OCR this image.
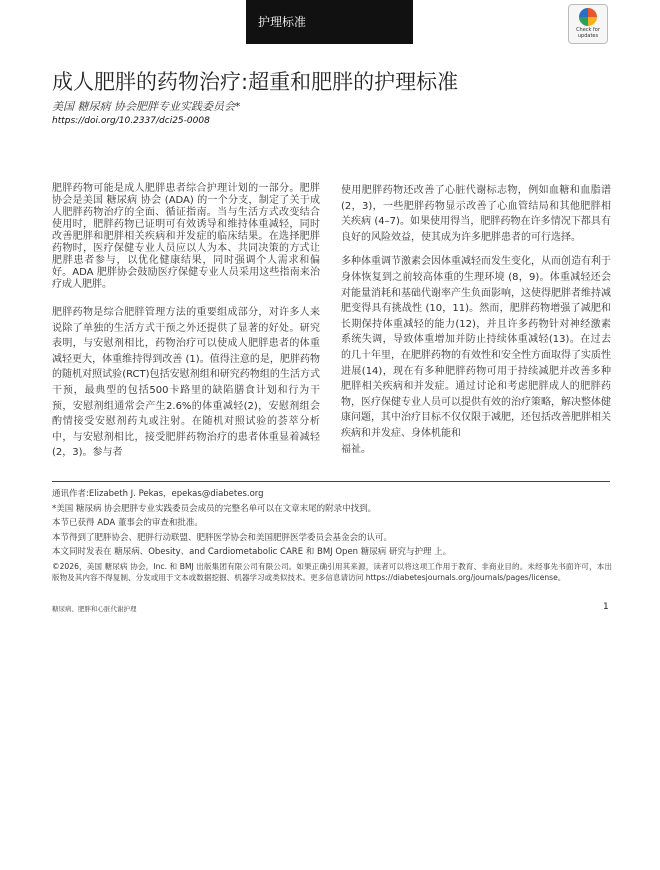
护理标准
Check for updates
成人肥胖的药物治疗:超重和肥胖的护理标准
美国 糖尿病 协会肥胖专业实践委员会*
https://doi.org/10.2337/dci25-0008

肥胖药物可能是成人肥胖患者综合护理计划的一部分。肥胖协会是美国 糖尿病 协会 (ADA) 的一个分支，制定了关于成人肥胖药物治疗的全面、循证指南。当与生活方式改变结合使用时，肥胖药物已证明可有效诱导和维持体重减轻，同时改善肥胖和肥胖相关疾病和并发症的临床结果。在选择肥胖药物时，医疗保健专业人员应以人为本、共同决策的方式让肥胖患者参与，以优化健康结果，同时强调个人需求和偏好。ADA 肥胖协会鼓励医疗保健专业人员采用这些指南来治疗成人肥胖。

肥胖药物是综合肥胖管理方法的重要组成部分，对许多人来说除了单独的生活方式干预之外还提供了显著的好处。研究表明，与安慰剂相比，药物治疗可以使成人肥胖患者的体重减轻更大，体重维持得到改善 (1)。值得注意的是，肥胖药物的随机对照试验(RCT)包括安慰剂组和研究药物组的生活方式干预，最典型的包括500卡路里的缺陷膳食计划和行为干预，安慰剂组通常会产生2.6%的体重减轻(2)，安慰剂组会酌情接受安慰剂药丸或注射。在随机对照试验的荟萃分析中，与安慰剂相比，接受肥胖药物治疗的患者体重显着减轻 (2，3)。参与者

使用肥胖药物还改善了心脏代谢标志物，例如血糖和血脂谱 (2，3)，一些肥胖药物显示改善了心血管结局和其他肥胖相关疾病 (4–7)。如果使用得当，肥胖药物在许多情况下都具有良好的风险效益，使其成为许多肥胖患者的可行选择。

多种体重调节激素会因体重减轻而发生变化，从而创造有利于身体恢复到之前较高体重的生理环境 (8，9)。体重减轻还会对能量消耗和基础代谢率产生负面影响，这使得肥胖者维持减肥变得具有挑战性 (10，11)。然而，肥胖药物增强了减肥和长期保持体重减轻的能力(12)，并且许多药物针对神经激素系统失调，导致体重增加并防止持续体重减轻(13)。在过去的几十年里，在肥胖药物的有效性和安全性方面取得了实质性进展(14)，现在有多种肥胖药物可用于持续减肥并改善多种肥胖相关疾病和并发症。通过讨论和考虑肥胖成人的肥胖药物，医疗保健专业人员可以提供有效的治疗策略，解决整体健康问题，其中治疗目标不仅仅限于减肥，还包括改善肥胖相关疾病和并发症、身体机能和

福祉。

通讯作者:Elizabeth J. Pekas，epekas@diabetes.org

*美国 糖尿病 协会肥胖专业实践委员会成员的完整名单可以在文章末尾的附录中找到。

本节已获得 ADA 董事会的审查和批准。

本节得到了肥胖协会、肥胖行动联盟、肥胖医学协会和美国肥胖医学委员会基金会的认可。

本文同时发表在 糖尿病、Obesity、and Cardiometabolic CARE 和 BMJ Open 糖尿病 研究与护理 上。

©2026，美国 糖尿病 协会，Inc. 和 BMJ 出版集团有限公司有限公司。如果正确引用其来源，读者可以将这项工作用于教育、非商业目的。未经事先书面许可，本出版物及其内容不得复制、分发或用于文本或数据挖掘、机器学习或类似技术。更多信息请访问 https://diabetesjournals.org/journals/pages/license。

糖尿病、肥胖和心脏代谢护理	1
